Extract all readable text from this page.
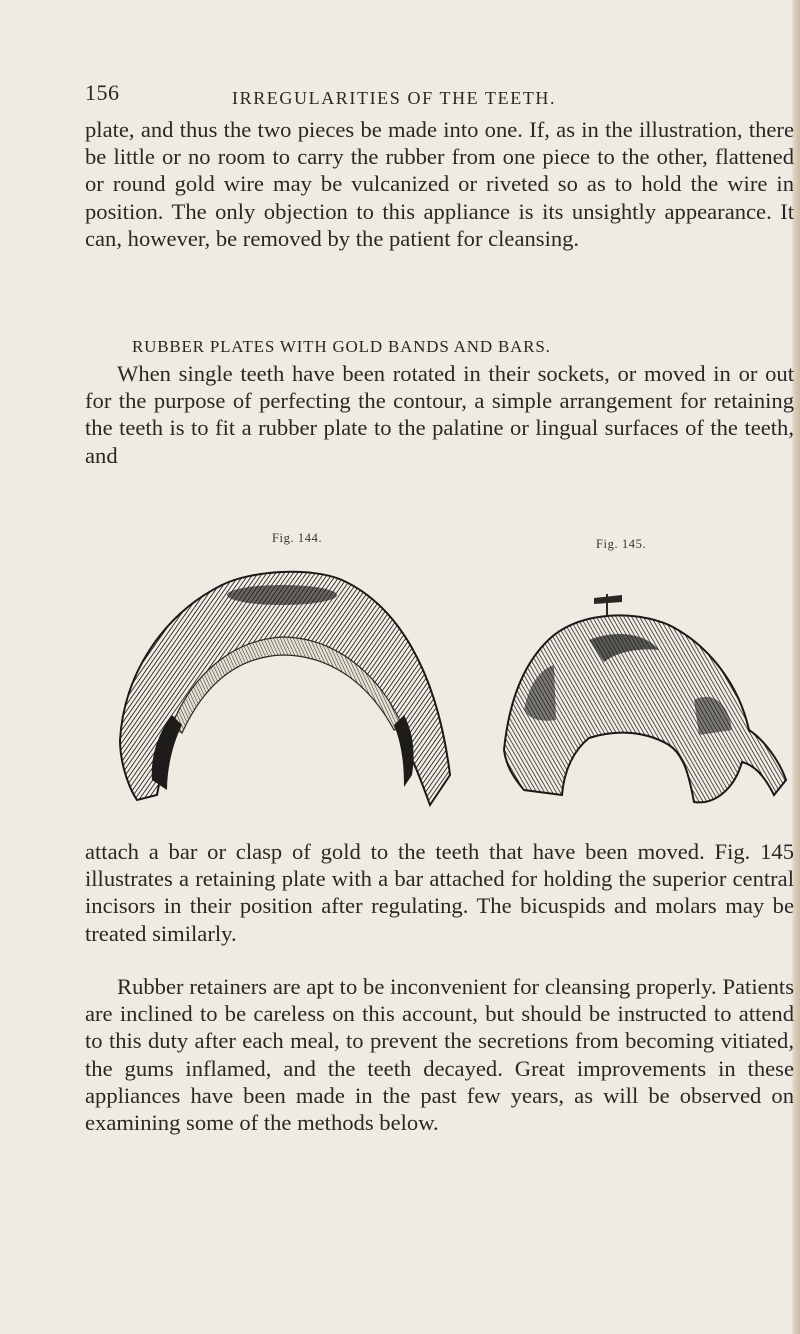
156	IRREGULARITIES OF THE TEETH.

plate, and thus the two pieces be made into one. If, as in the illustration, there be little or no room to carry the rubber from one piece to the other, flattened or round gold wire may be vulcanized or riveted so as to hold the wire in position. The only objection to this appliance is its unsightly appearance. It can, however, be removed by the patient for cleansing.

RUBBER PLATES WITH GOLD BANDS AND BARS.

When single teeth have been rotated in their sockets, or moved in or out for the purpose of perfecting the contour, a simple arrangement for retaining the teeth is to fit a rubber plate to the palatine or lingual surfaces of the teeth, and

Fig. 144.	Fig. 145.

attach a bar or clasp of gold to the teeth that have been moved. Fig. 145 illustrates a retaining plate with a bar attached for holding the superior central incisors in their position after regulating. The bicuspids and molars may be treated similarly.

Rubber retainers are apt to be inconvenient for cleansing properly. Patients are inclined to be careless on this account, but should be instructed to attend to this duty after each meal, to prevent the secretions from becoming vitiated, the gums inflamed, and the teeth decayed. Great improvements in these appliances have been made in the past few years, as will be observed on examining some of the methods below.
